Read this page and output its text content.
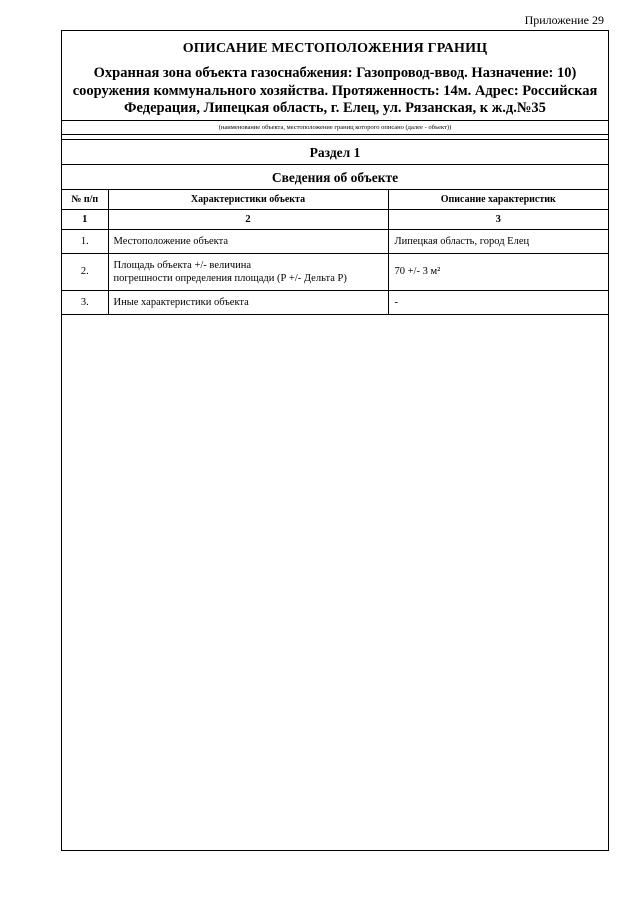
Приложение 29
ОПИСАНИЕ МЕСТОПОЛОЖЕНИЯ ГРАНИЦ
Охранная зона объекта газоснабжения: Газопровод-ввод. Назначение: 10)
сооружения коммунального хозяйства. Протяженность: 14м. Адрес: Российская
Федерация, Липецкая область, г. Елец, ул. Рязанская, к ж.д.№35
(наименование объекта, местоположение границ которого описано (далее - объект))
Раздел 1
Сведения об объекте
№ п/п	Характеристики объекта	Описание характеристик
1	2	3
1.	Местоположение объекта	Липецкая область, город Елец
2.	Площадь объекта +/- величина
погрешности определения площади (Р +/- Дельта Р)	70 +/- 3 м²
3.	Иные характеристики объекта	-
